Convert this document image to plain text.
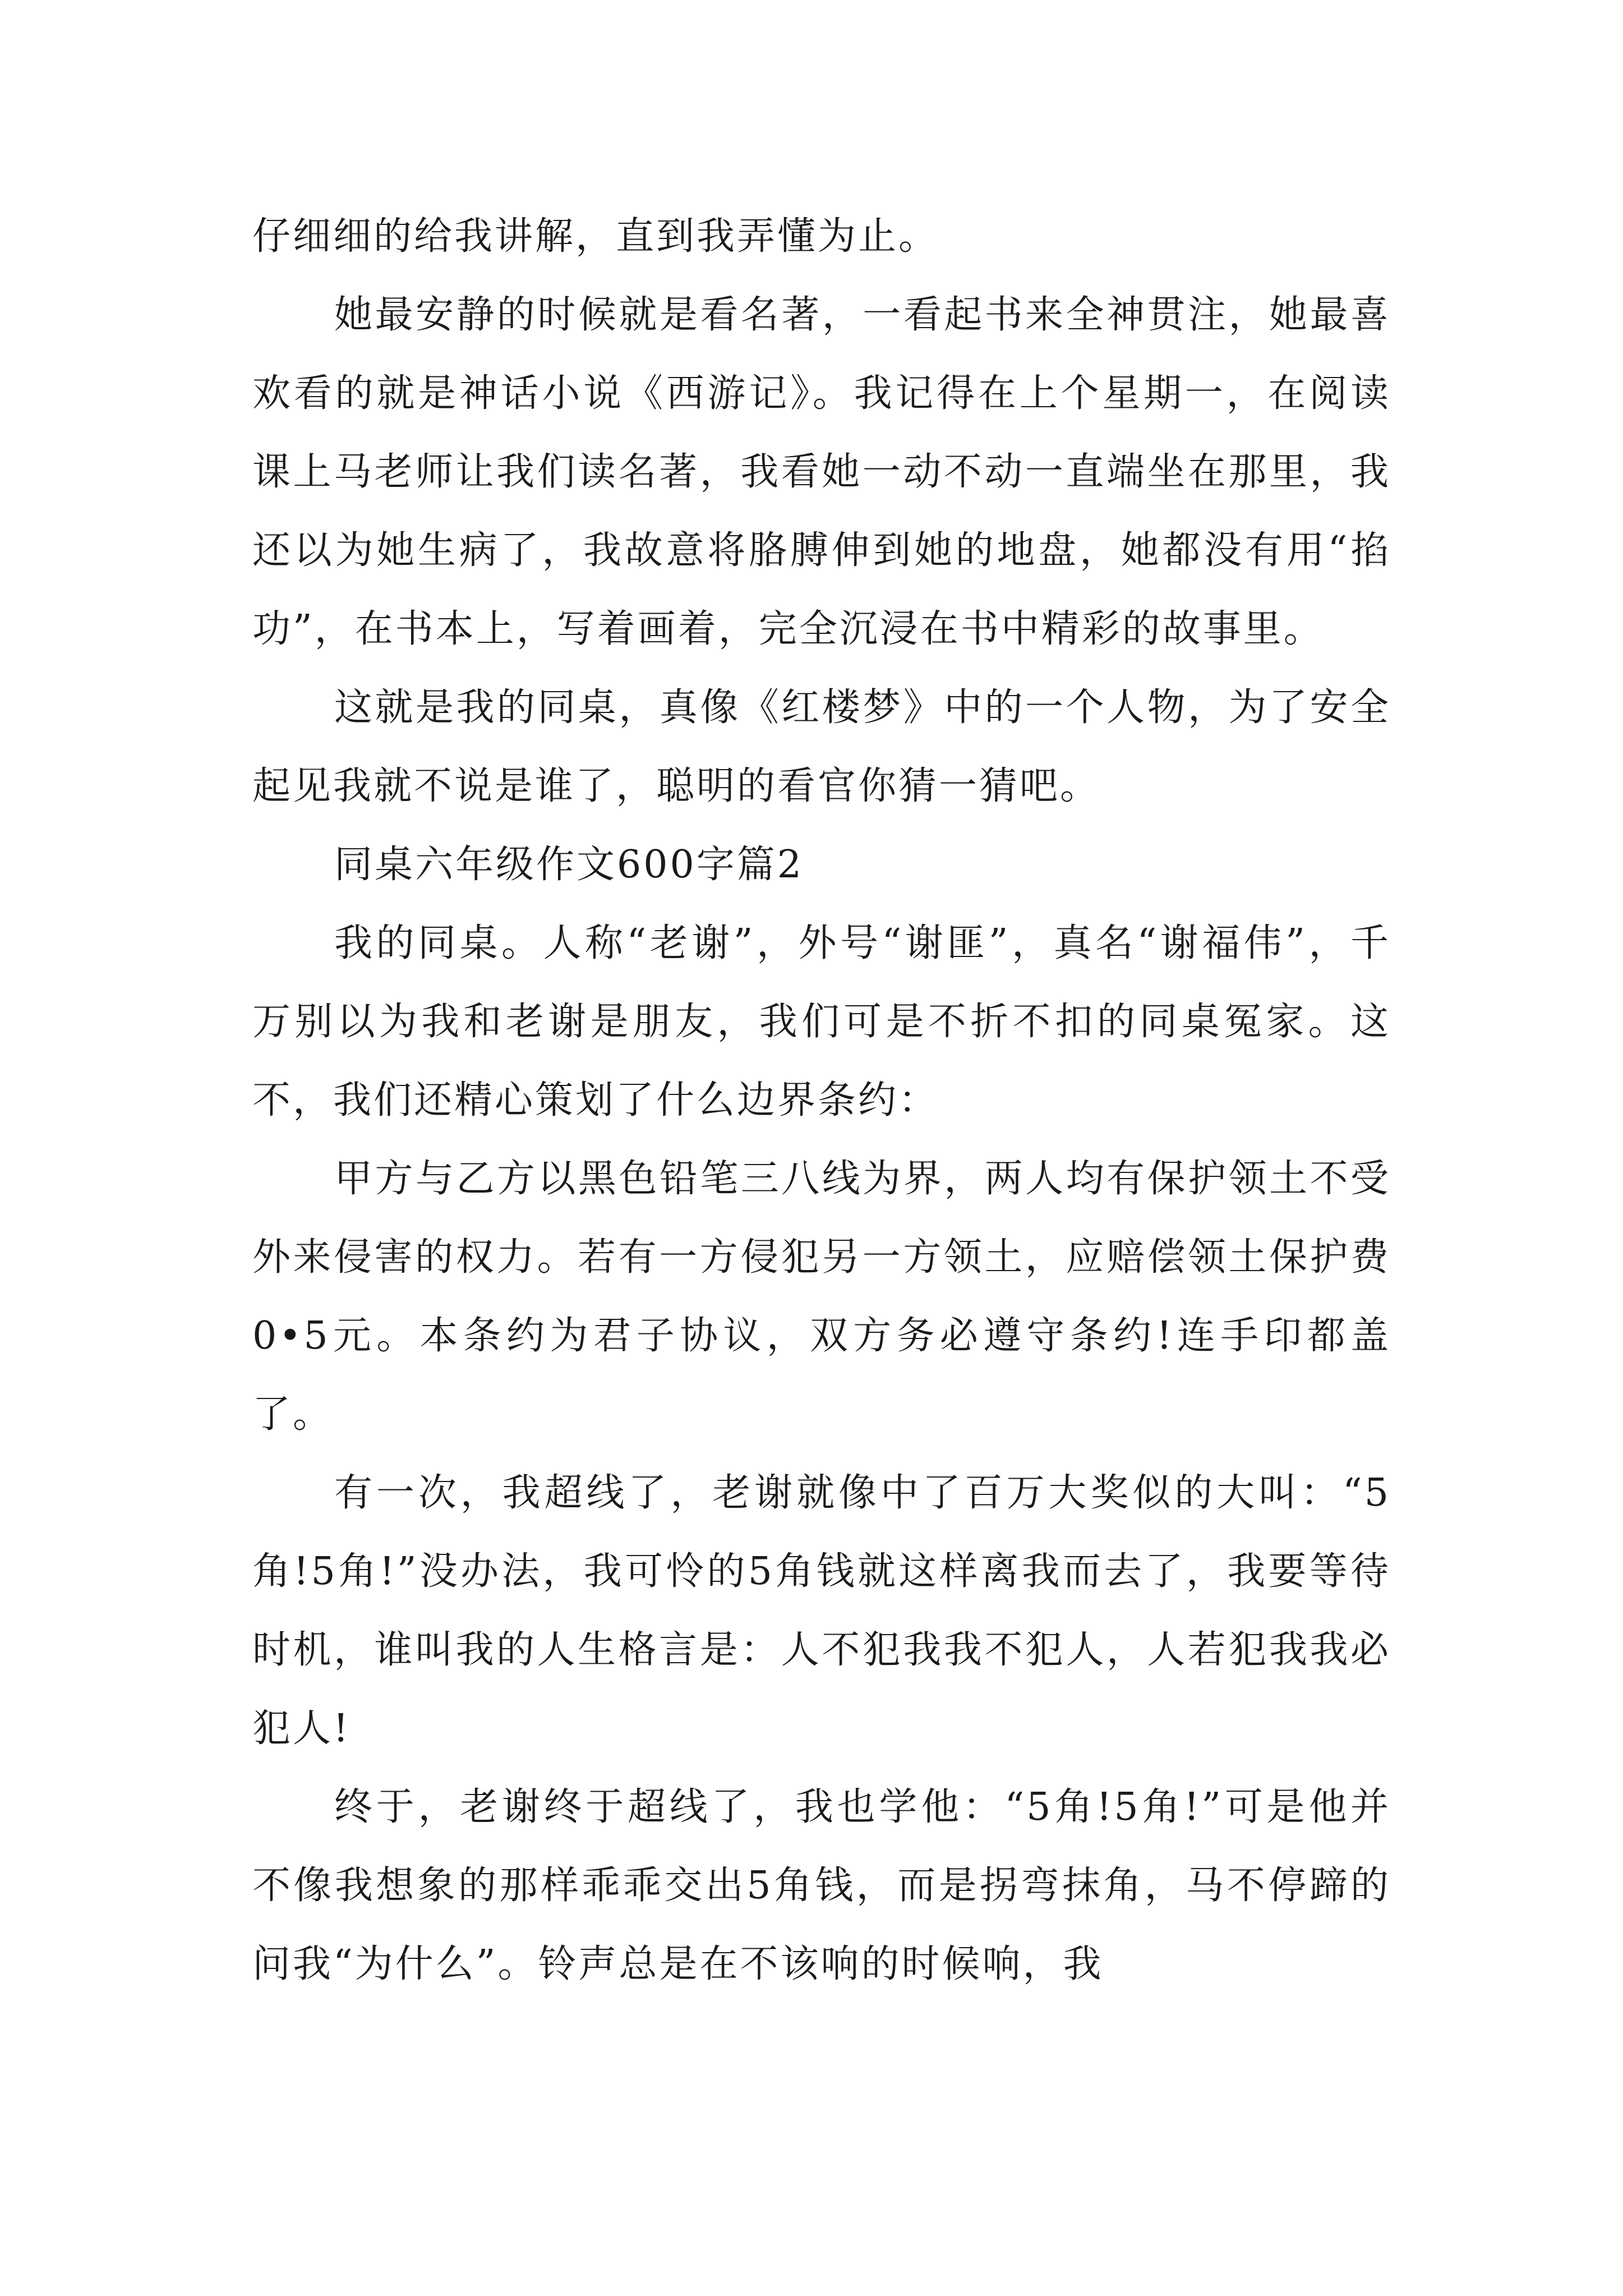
仔细细的给我讲解，直到我弄懂为止。

她最安静的时候就是看名著，一看起书来全神贯注，她最喜欢看的就是神话小说《西游记》。我记得在上个星期一，在阅读课上马老师让我们读名著，我看她一动不动一直端坐在那里，我还以为她生病了，我故意将胳膊伸到她的地盘，她都没有用“掐功”，在书本上，写着画着，完全沉浸在书中精彩的故事里。

这就是我的同桌，真像《红楼梦》中的一个人物，为了安全起见我就不说是谁了，聪明的看官你猜一猜吧。

同桌六年级作文600字篇2

我的同桌。人称“老谢”，外号“谢匪”，真名“谢福伟”，千万别以为我和老谢是朋友，我们可是不折不扣的同桌冤家。这不，我们还精心策划了什么边界条约：

甲方与乙方以黑色铅笔三八线为界，两人均有保护领土不受外来侵害的权力。若有一方侵犯另一方领土，应赔偿领土保护费0•5元。本条约为君子协议，双方务必遵守条约!连手印都盖了。

有一次，我超线了，老谢就像中了百万大奖似的大叫：“5角!5角!”没办法，我可怜的5角钱就这样离我而去了，我要等待时机，谁叫我的人生格言是：人不犯我我不犯人，人若犯我我必犯人!

终于，老谢终于超线了，我也学他：“5角!5角!”可是他并不像我想象的那样乖乖交出5角钱，而是拐弯抹角，马不停蹄的问我“为什么”。铃声总是在不该响的时候响，我
